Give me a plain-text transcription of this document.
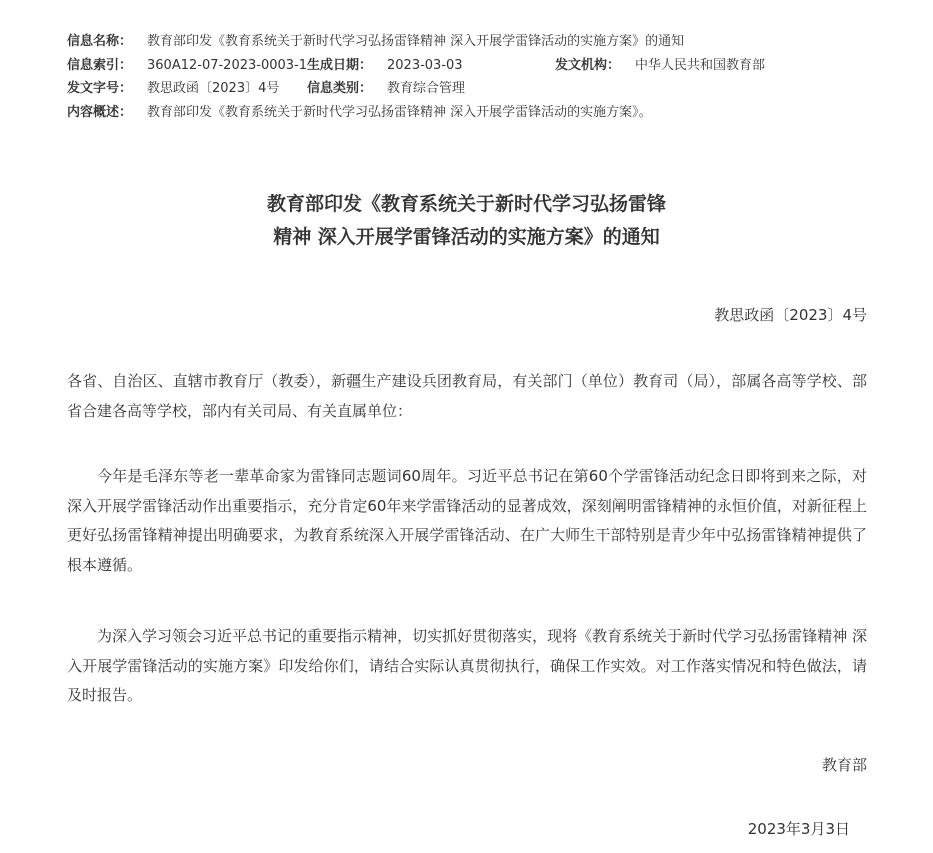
信息名称： 教育部印发《教育系统关于新时代学习弘扬雷锋精神 深入开展学雷锋活动的实施方案》的通知
信息索引： 360A12-07-2023-0003-1 生成日期： 2023-03-03	发文机构： 中华人民共和国教育部
发文字号： 教思政函〔2023〕4号 信息类别： 教育综合管理
内容概述： 教育部印发《教育系统关于新时代学习弘扬雷锋精神 深入开展学雷锋活动的实施方案》。
教育部印发《教育系统关于新时代学习弘扬雷锋
精神 深入开展学雷锋活动的实施方案》的通知
教思政函〔2023〕4号
各省、自治区、直辖市教育厅（教委），新疆生产建设兵团教育局，有关部门（单位）教育司（局），部属各高等学校、部省合建各高等学校，部内有关司局、有关直属单位：
今年是毛泽东等老一辈革命家为雷锋同志题词60周年。习近平总书记在第60个学雷锋活动纪念日即将到来之际，对深入开展学雷锋活动作出重要指示，充分肯定60年来学雷锋活动的显著成效，深刻阐明雷锋精神的永恒价值，对新征程上更好弘扬雷锋精神提出明确要求，为教育系统深入开展学雷锋活动、在广大师生干部特别是青少年中弘扬雷锋精神提供了根本遵循。
为深入学习领会习近平总书记的重要指示精神，切实抓好贯彻落实，现将《教育系统关于新时代学习弘扬雷锋精神 深入开展学雷锋活动的实施方案》印发给你们，请结合实际认真贯彻执行，确保工作实效。对工作落实情况和特色做法，请及时报告。
教育部
2023年3月3日
